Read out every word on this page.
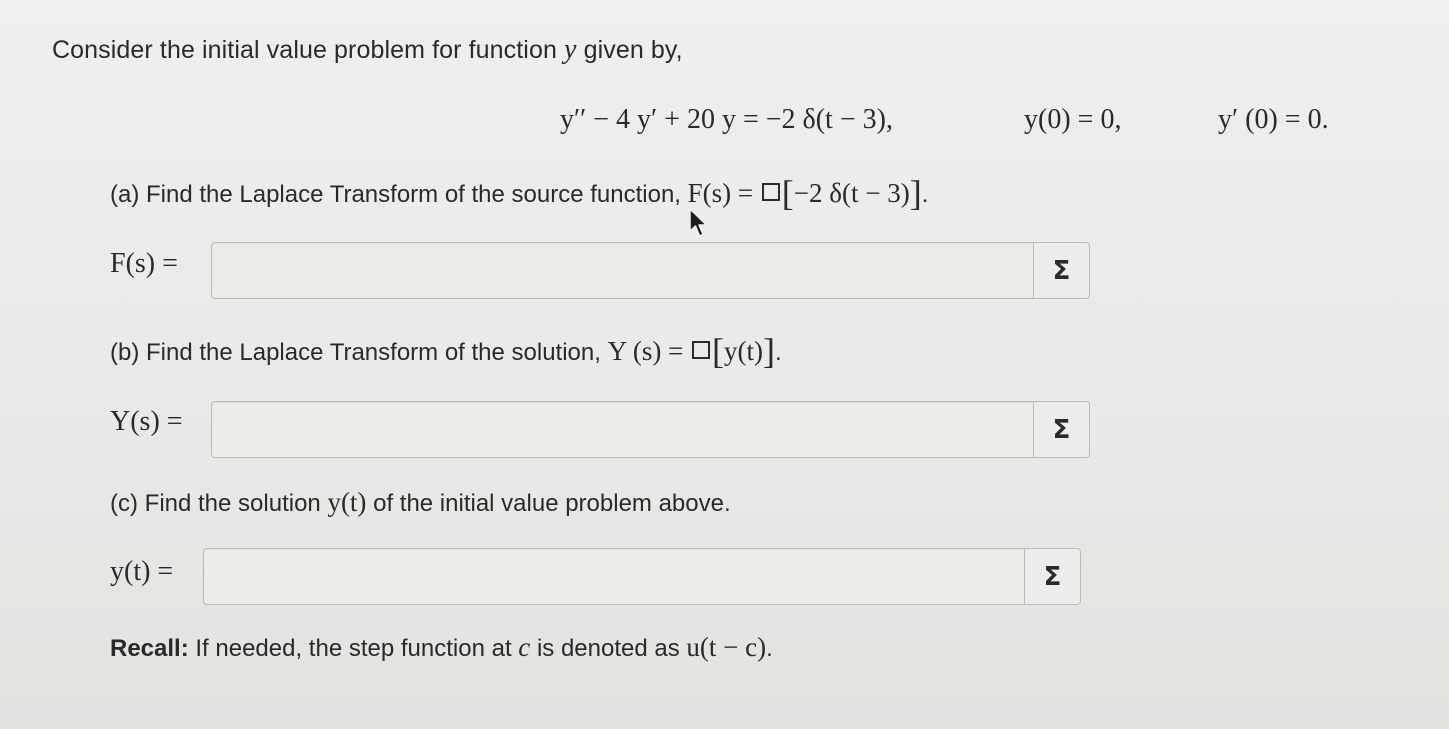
Consider the initial value problem for function y given by,
y′′ − 4 y′ + 20 y = −2 δ(t − 3),	y(0) = 0,	y′ (0) = 0.
(a) Find the Laplace Transform of the source function, F(s) = [−2 δ(t − 3)].
F(s) =	Σ
(b) Find the Laplace Transform of the solution, Y (s) = [y(t)].
Y(s) =	Σ
(c) Find the solution y(t) of the initial value problem above.
y(t) =	Σ
Recall: If needed, the step function at c is denoted as u(t − c).
